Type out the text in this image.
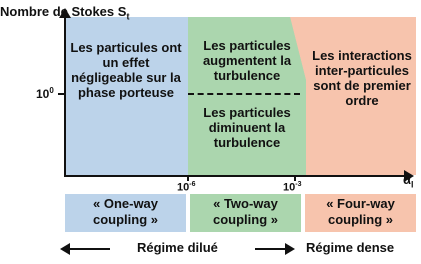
Les particules ont un effet négligeable sur la phase porteuse
Les particules augmentent la turbulence
Les particules diminuent la turbulence
Les interactions inter-particules sont de premier ordre
Nombre de Stokes $S_t$
$\alpha_l$
$10^0$
$10^{-6}$	$10^{-3}$
« One-way coupling »
« Two-way coupling »
« Four-way coupling »
Régime dilué	Régime dense
